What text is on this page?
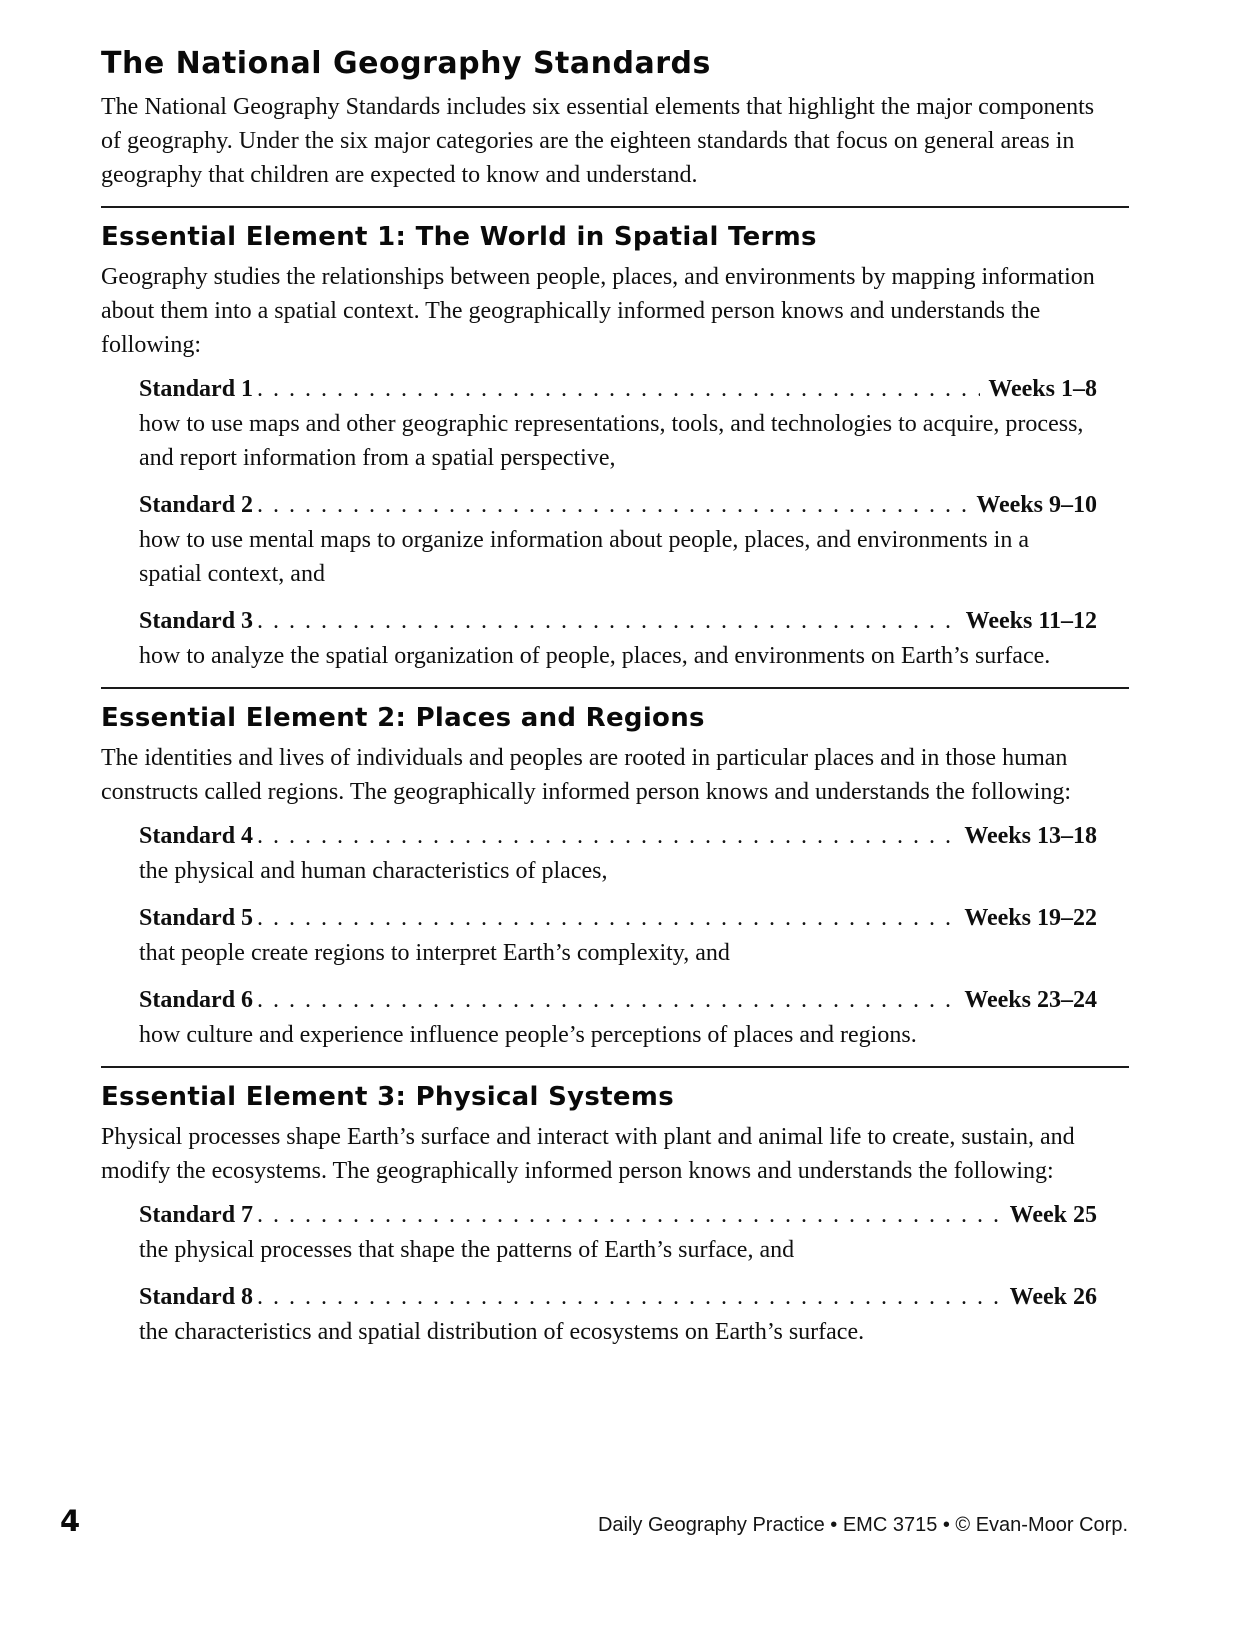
The National Geography Standards

The National Geography Standards includes six essential elements that highlight the major components of geography. Under the six major categories are the eighteen standards that focus on general areas in geography that children are expected to know and understand.

Essential Element 1: The World in Spatial Terms

Geography studies the relationships between people, places, and environments by mapping information about them into a spatial context. The geographically informed person knows and understands the following:

Standard 1 . . .	Weeks 1–8

how to use maps and other geographic representations, tools, and technologies to acquire, process, and report information from a spatial perspective,

Standard 2 . . .	Weeks 9–10

how to use mental maps to organize information about people, places, and environments in a spatial context, and

Standard 3 . . .	Weeks 11–12

how to analyze the spatial organization of people, places, and environments on Earth’s surface.

Essential Element 2: Places and Regions

The identities and lives of individuals and peoples are rooted in particular places and in those human constructs called regions. The geographically informed person knows and understands the following:

Standard 4 . . .	Weeks 13–18

the physical and human characteristics of places,

Standard 5 . . .	Weeks 19–22

that people create regions to interpret Earth’s complexity, and

Standard 6 . . .	Weeks 23–24

how culture and experience influence people’s perceptions of places and regions.

Essential Element 3: Physical Systems

Physical processes shape Earth’s surface and interact with plant and animal life to create, sustain, and modify the ecosystems. The geographically informed person knows and understands the following:

Standard 7 . . .	Week 25

the physical processes that shape the patterns of Earth’s surface, and

Standard 8 . . .	Week 26

the characteristics and spatial distribution of ecosystems on Earth’s surface.

4	Daily Geography Practice • EMC 3715 • © Evan-Moor Corp.
